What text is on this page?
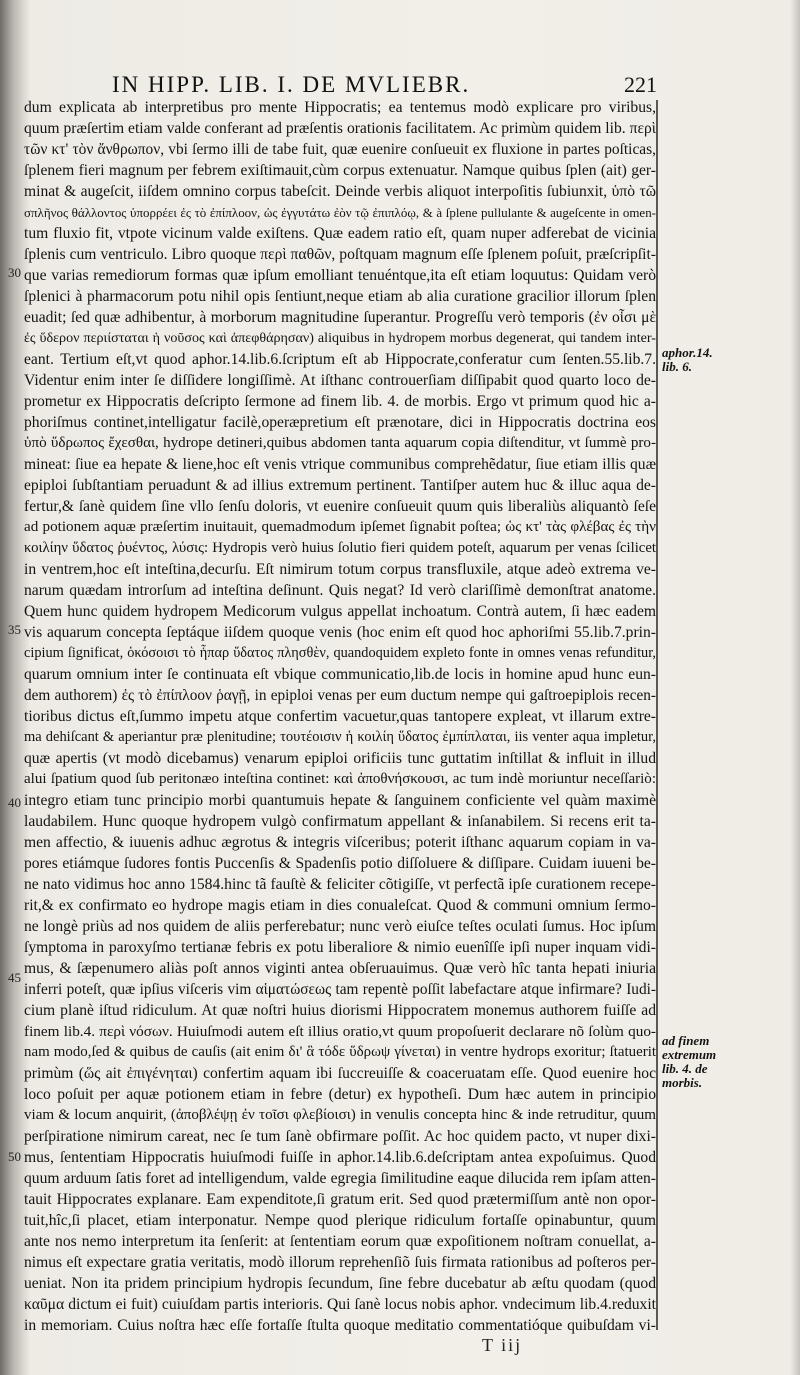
IN HIPP. LIB. I. DE MVLIEBR.	221
30
35
40
45
50
dum explicata ab interpretibus pro mente Hippocratis; ea tentemus modò explicare pro viribus,
quum præſertim etiam valde conferant ad præſentis orationis facilitatem. Ac primùm quidem lib. περὶ
τῶν κτ' τὸν ἄνθρωπον, vbi ſermo illi de tabe fuit, quæ euenire conſueuit ex fluxione in partes poſticas,
ſplenem fieri magnum per febrem exiſtimauit,cùm corpus extenuatur. Namque quibus ſplen (ait) ger-
minat & augeſcit, iiſdem omnino corpus tabeſcit. Deinde verbis aliquot interpoſitis ſubiunxit, ὑπὸ τῶ
σπλῆνος θάλλοντος ὑπορρέει ἐς τὸ ἐπίπλοον, ὡς ἐγγυτάτω ἐὸν τῷ ἐπιπλόῳ, & à ſplene pullulante & augeſcente in omen-
tum fluxio fit, vtpote vicinum valde exiſtens. Quæ eadem ratio eſt, quam nuper adferebat de vicinia
ſplenis cum ventriculo. Libro quoque περὶ παθῶν, poſtquam magnum eſſe ſplenem poſuit, præſcripſit-
que varias remediorum formas quæ ipſum emolliant tenuéntque,ita eſt etiam loquutus: Quidam verò
ſplenici à pharmacorum potu nihil opis ſentiunt,neque etiam ab alia curatione gracilior illorum ſplen
euadit; ſed quæ adhibentur, à morborum magnitudine ſuperantur. Progreſſu verò temporis (ἐν οἷσι μὲ
ἐς ὕδερον περιίσταται ἡ νοῦσος καὶ ἀπεφθάρησαν) aliquibus in hydropem morbus degenerat, qui tandem inter-
eant. Tertium eſt,vt quod aphor.14.lib.6.ſcriptum eſt ab Hippocrate,conferatur cum ſenten.55.lib.7.
Videntur enim inter ſe diſſidere longiſſimè. At iſthanc controuerſiam diſſipabit quod quarto loco de-
prometur ex Hippocratis deſcripto ſermone ad finem lib. 4. de morbis. Ergo vt primum quod hic a-
phoriſmus continet,intelligatur facilè,operæpretium eſt prænotare, dici in Hippocratis doctrina eos
ὑπὸ ὕδρωπος ἔχεσθαι, hydrope detineri,quibus abdomen tanta aquarum copia diſtenditur, vt ſummè pro-
mineat: ſiue ea hepate & liene,hoc eſt venis vtrique communibus comprehẽdatur, ſiue etiam illis quæ
epiploi ſubſtantiam peruadunt & ad illius extremum pertinent. Tantiſper autem huc & illuc aqua de-
fertur,& ſanè quidem ſine vllo ſenſu doloris, vt euenire conſueuit quum quis liberaliùs aliquantò ſeſe
ad potionem aquæ præſertim inuitauit, quemadmodum ipſemet ſignabit poſtea; ὡς κτ' τὰς φλέβας ἐς τὴν
κοιλίην ὕδατος ῥυέντος, λύσις: Hydropis verò huius ſolutio fieri quidem poteſt, aquarum per venas ſcilicet
in ventrem,hoc eſt inteſtina,decurſu. Eſt nimirum totum corpus transfluxile, atque adeò extrema ve-
narum quædam introrſum ad inteſtina deſinunt. Quis negat? Id verò clariſſimè demonſtrat anatome.
Quem hunc quidem hydropem Medicorum vulgus appellat inchoatum. Contrà autem, ſi hæc eadem
vis aquarum concepta ſeptáque iiſdem quoque venis (hoc enim eſt quod hoc aphoriſmi 55.lib.7.prin-
cipium ſignificat, ὁκόσοισι τὸ ἧπαρ ὕδατος πλησθὲν, quandoquidem expleto fonte in omnes venas refunditur,
quarum omnium inter ſe continuata eſt vbique communicatio,lib.de locis in homine apud hunc eun-
dem authorem) ἐς τὸ ἐπίπλοον ῥαγῇ, in epiploi venas per eum ductum nempe qui gaſtroepiplois recen-
tioribus dictus eſt,ſummo impetu atque confertim vacuetur,quas tantopere expleat, vt illarum extre-
ma dehiſcant & aperiantur præ plenitudine; τουτέοισιν ἡ κοιλίη ὕδατος ἐμπίπλαται, iis venter aqua impletur,
quæ apertis (vt modò dicebamus) venarum epiploi orificiis tunc guttatim inſtillat & influit in illud
alui ſpatium quod ſub peritonæo inteſtina continet: καὶ ἀποθνήσκουσι, ac tum indè moriuntur neceſſariò:
integro etiam tunc principio morbi quantumuis hepate & ſanguinem conficiente vel quàm maximè
laudabilem. Hunc quoque hydropem vulgò confirmatum appellant & inſanabilem. Si recens erit ta-
men affectio, & iuuenis adhuc ægrotus & integris viſceribus; poterit iſthanc aquarum copiam in va-
pores etiámque ſudores fontis Puccenſis & Spadenſis potio diſſoluere & diſſipare. Cuidam iuueni be-
ne nato vidimus hoc anno 1584.hinc tã fauſtè & feliciter cõtigiſſe, vt perfectã ipſe curationem recepe-
rit,& ex confirmato eo hydrope magis etiam in dies conualeſcat. Quod & communi omnium ſermo-
ne longè priùs ad nos quidem de aliis perferebatur; nunc verò eiuſce teſtes oculati ſumus. Hoc ipſum
ſymptoma in paroxyſmo tertianæ febris ex potu liberaliore & nimio euenîſſe ipſi nuper inquam vidi-
mus, & ſæpenumero aliàs poſt annos viginti antea obſeruauimus. Quæ verò hîc tanta hepati iniuria
inferri poteſt, quæ ipſius viſceris vim αἱματώσεως tam repentè poſſit labefactare atque infirmare? Iudi-
cium planè iſtud ridiculum. At quæ noſtri huius diorismi Hippocratem monemus authorem fuiſſe ad
finem lib.4. περὶ νόσων. Huiuſmodi autem eſt illius oratio,vt quum propoſuerit declarare nõ ſolùm quo-
nam modo,ſed & quibus de cauſis (ait enim δι' ἃ τόδε ὕδρωψ γίνεται) in ventre hydrops exoritur; ſtatuerit
primùm (ὥς ait ἐπιγένηται) confertim aquam ibi ſuccreuiſſe & coaceruatam eſſe. Quod euenire hoc
loco poſuit per aquæ potionem etiam in febre (detur) ex hypotheſi. Dum hæc autem in principio
viam & locum anquirit, (ἀποβλέψῃ ἐν τοῖσι φλεβίοισι) in venulis concepta hinc & inde retruditur, quum
perſpiratione nimirum careat, nec ſe tum ſanè obfirmare poſſit. Ac hoc quidem pacto, vt nuper dixi-
mus, ſententiam Hippocratis huiuſmodi fuiſſe in aphor.14.lib.6.deſcriptam antea expoſuimus. Quod
quum arduum ſatis foret ad intelligendum, valde egregia ſimilitudine eaque dilucida rem ipſam atten-
tauit Hippocrates explanare. Eam expenditote,ſi gratum erit. Sed quod prætermiſſum antè non opor-
tuit,hîc,ſi placet, etiam interponatur. Nempe quod plerique ridiculum fortaſſe opinabuntur, quum
ante nos nemo interpretum ita ſenſerit: at ſententiam eorum quæ expoſitionem noſtram conuellat, a-
nimus eſt expectare gratia veritatis, modò illorum reprehenſiõ ſuis firmata rationibus ad poſteros per-
ueniat. Non ita pridem principium hydropis ſecundum, ſine febre ducebatur ab æſtu quodam (quod
καῦμα dictum ei fuit) cuiuſdam partis interioris. Qui ſanè locus nobis aphor. vndecimum lib.4.reduxit
in memoriam. Cuius noſtra hæc eſſe fortaſſe ſtulta quoque meditatio commentatióque quibuſdam vi-
aphor.14. lib. 6.
ad finem extremum lib. 4. de morbis.
T iij
